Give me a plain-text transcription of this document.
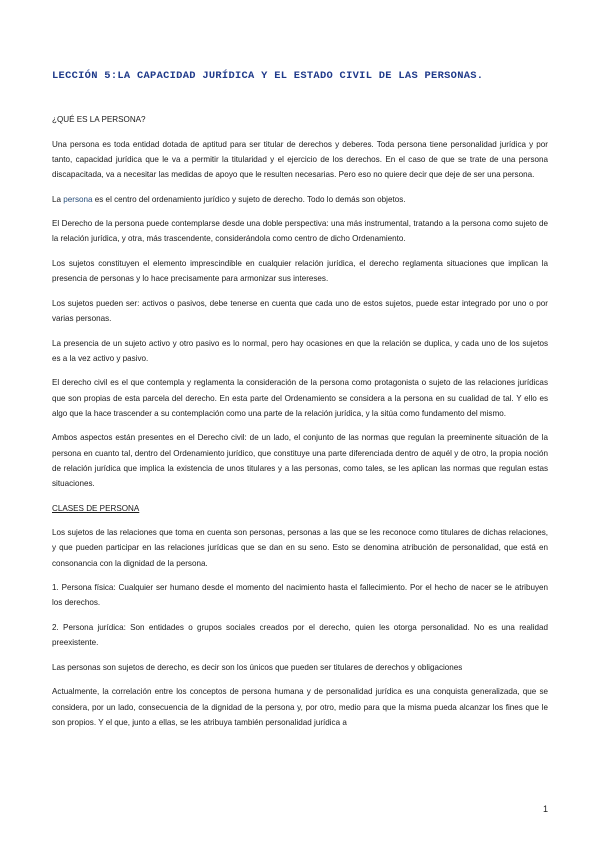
LECCIÓN 5:LA CAPACIDAD JURÍDICA Y EL ESTADO CIVIL DE LAS PERSONAS.

¿QUÉ ES LA PERSONA?

Una persona es toda entidad dotada de aptitud para ser titular de derechos y deberes. Toda persona tiene personalidad jurídica y por tanto, capacidad jurídica que le va a permitir la titularidad y el ejercicio de los derechos. En el caso de que se trate de una persona discapacitada, va a necesitar las medidas de apoyo que le resulten necesarias. Pero eso no quiere decir que deje de ser una persona.

La persona es el centro del ordenamiento jurídico y sujeto de derecho. Todo lo demás son objetos.

El Derecho de la persona puede contemplarse desde una doble perspectiva: una más instrumental, tratando a la persona como sujeto de la relación jurídica, y otra, más trascendente, considerándola como centro de dicho Ordenamiento.

Los sujetos constituyen el elemento imprescindible en cualquier relación jurídica, el derecho reglamenta situaciones que implican la presencia de personas y lo hace precisamente para armonizar sus intereses.

Los sujetos pueden ser: activos o pasivos, debe tenerse en cuenta que cada uno de estos sujetos, puede estar integrado por uno o por varias personas.

La presencia de un sujeto activo y otro pasivo es lo normal, pero hay ocasiones en que la relación se duplica, y cada uno de los sujetos es a la vez activo y pasivo.

El derecho civil es el que contempla y reglamenta la consideración de la persona como protagonista o sujeto de las relaciones jurídicas que son propias de esta parcela del derecho. En esta parte del Ordenamiento se considera a la persona en su cualidad de tal. Y ello es algo que la hace trascender a su contemplación como una parte de la relación jurídica, y la sitúa como fundamento del mismo.

Ambos aspectos están presentes en el Derecho civil: de un lado, el conjunto de las normas que regulan la preeminente situación de la persona en cuanto tal, dentro del Ordenamiento jurídico, que constituye una parte diferenciada dentro de aquél y de otro, la propia noción de relación jurídica que implica la existencia de unos titulares y a las personas, como tales, se les aplican las normas que regulan estas situaciones.

CLASES DE PERSONA

Los sujetos de las relaciones que toma en cuenta son personas, personas a las que se les reconoce como titulares de dichas relaciones, y que pueden participar en las relaciones jurídicas que se dan en su seno. Esto se denomina atribución de personalidad, que está en consonancia con la dignidad de la persona.

1. Persona física: Cualquier ser humano desde el momento del nacimiento hasta el fallecimiento. Por el hecho de nacer se le atribuyen los derechos.

2. Persona jurídica: Son entidades o grupos sociales creados por el derecho, quien les otorga personalidad. No es una realidad preexistente.

Las personas son sujetos de derecho, es decir son los únicos que pueden ser titulares de derechos y obligaciones

Actualmente, la correlación entre los conceptos de persona humana y de personalidad jurídica es una conquista generalizada, que se considera, por un lado, consecuencia de la dignidad de la persona y, por otro, medio para que la misma pueda alcanzar los fines que le son propios. Y el que, junto a ellas, se les atribuya también personalidad jurídica a

1
